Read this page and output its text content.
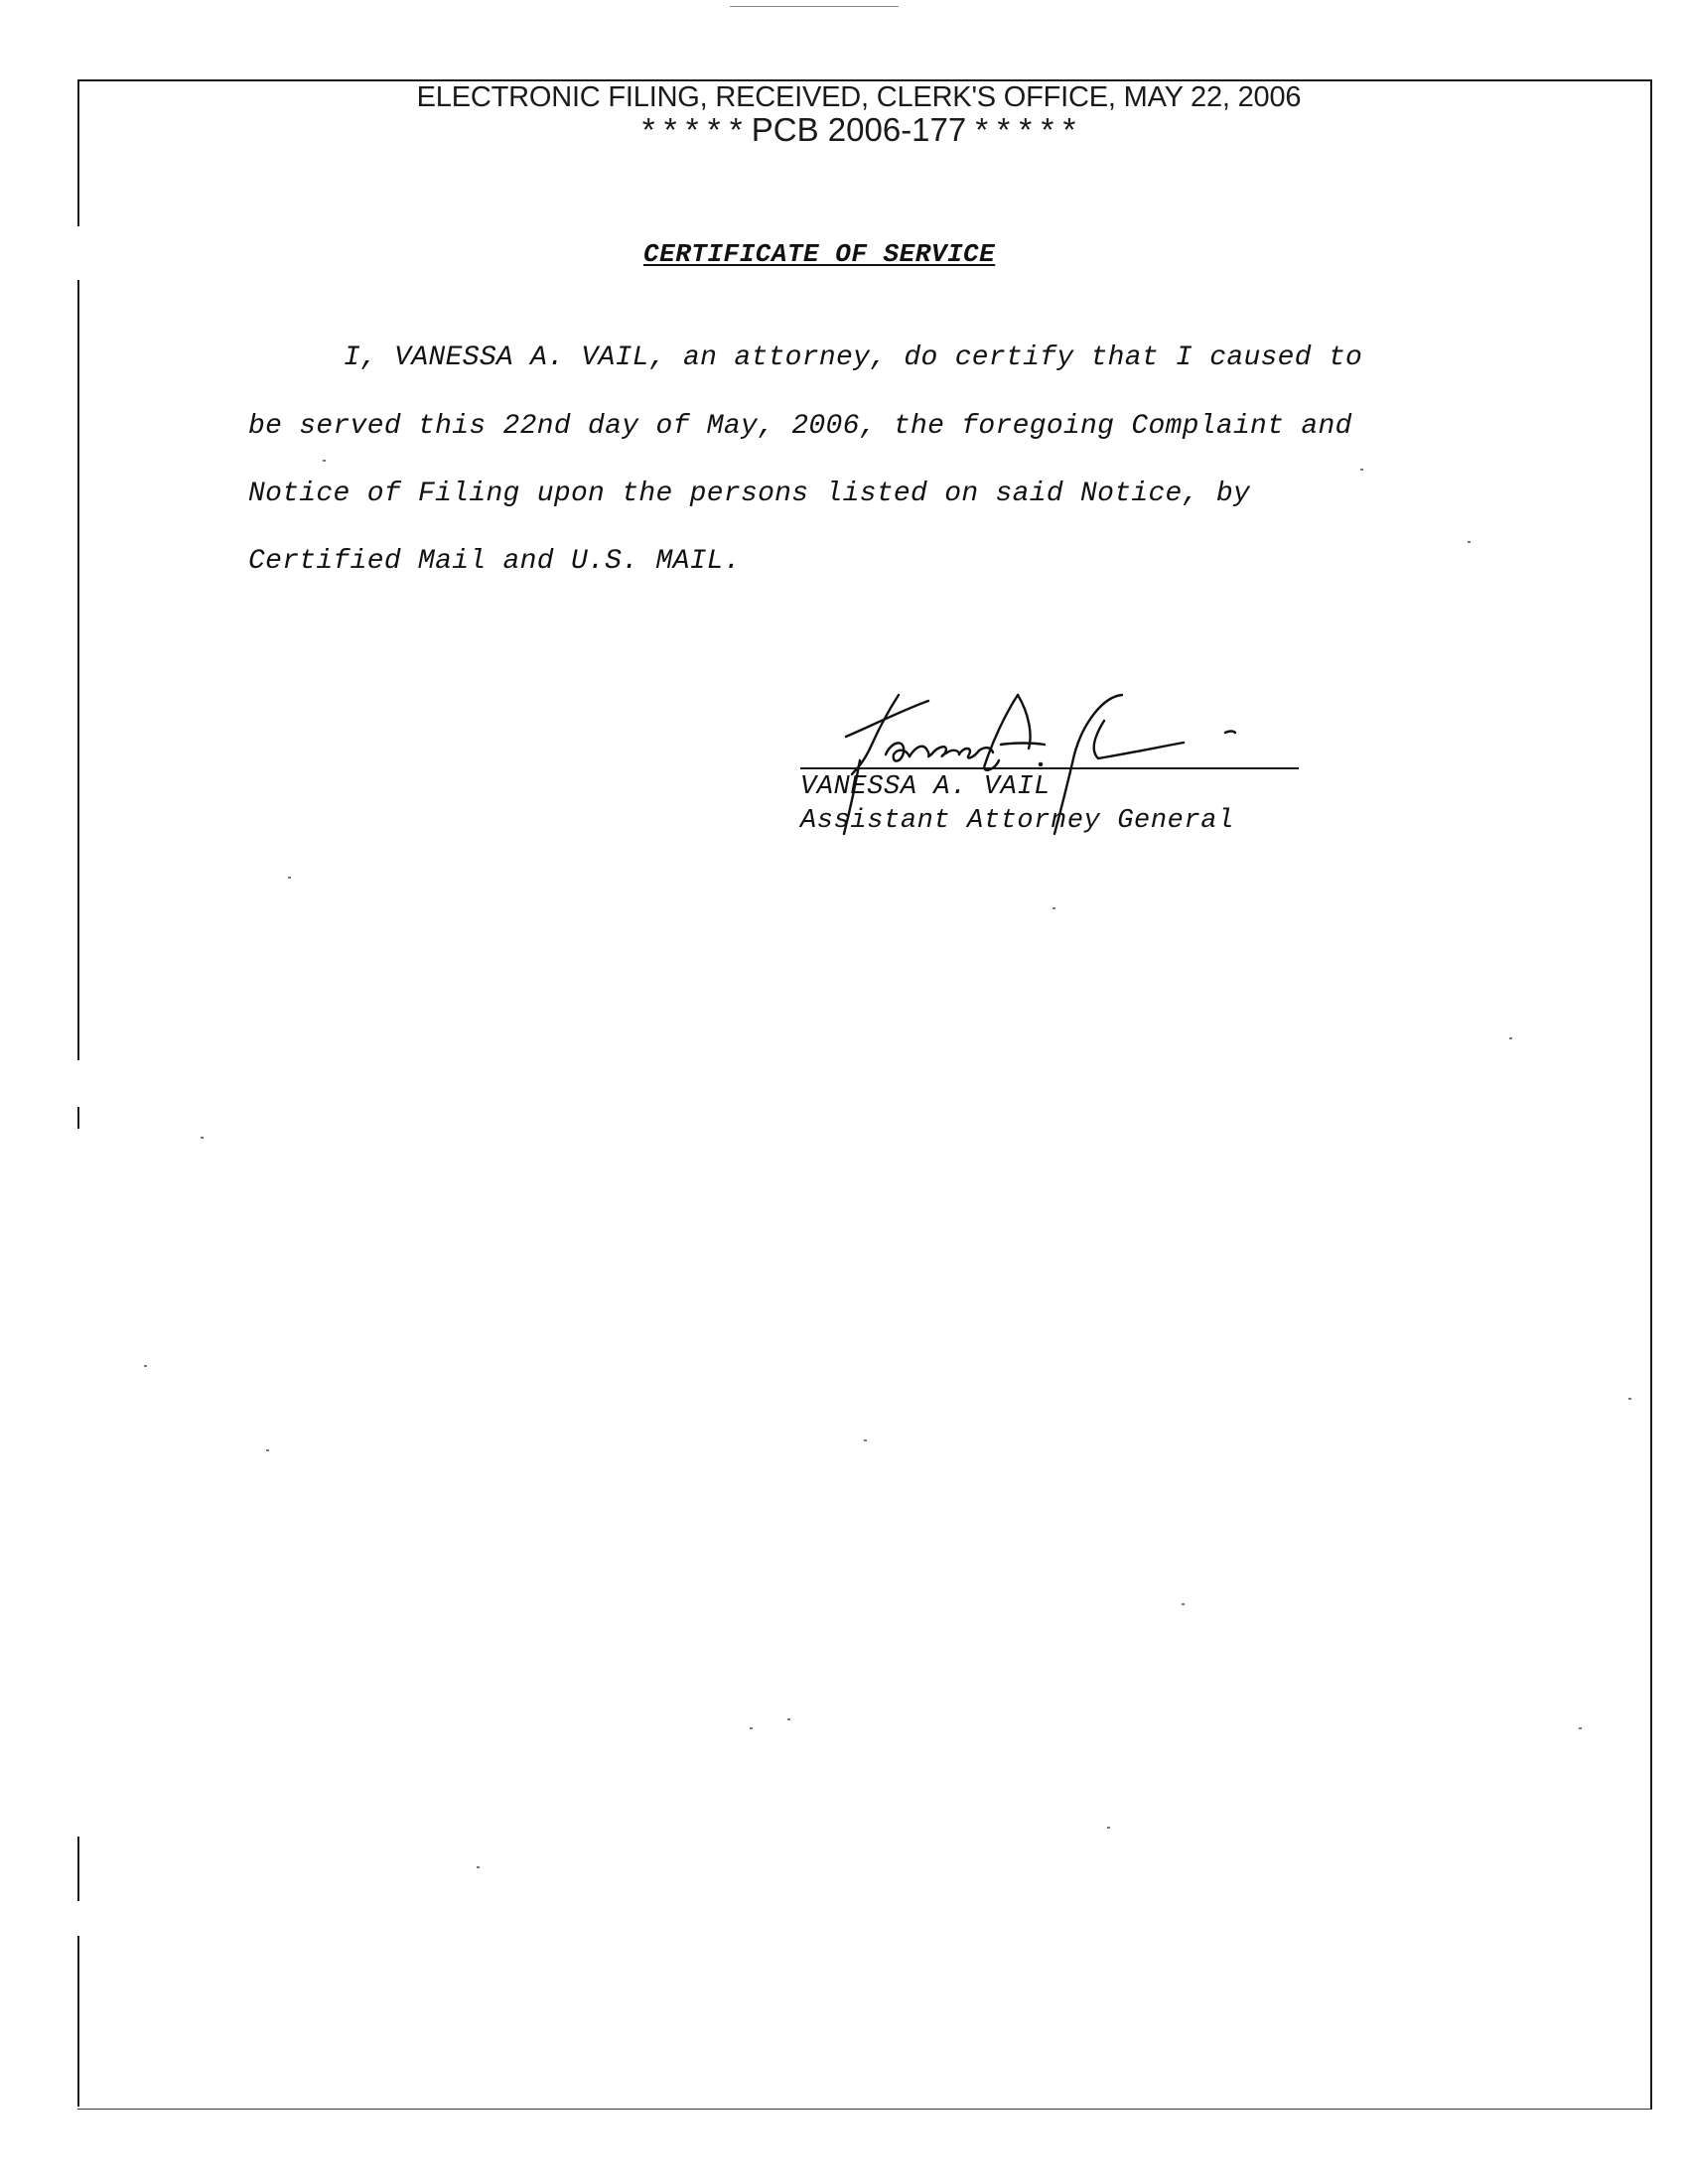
ELECTRONIC FILING, RECEIVED, CLERK'S OFFICE, MAY 22, 2006
* * * * * PCB 2006-177 * * * * *
CERTIFICATE OF SERVICE
I, VANESSA A. VAIL, an attorney, do certify that I caused to
be served this 22nd day of May, 2006, the foregoing Complaint and
Notice of Filing upon the persons listed on said Notice, by
Certified Mail and U.S. MAIL.
VANESSA A. VAIL
Assistant Attorney General
